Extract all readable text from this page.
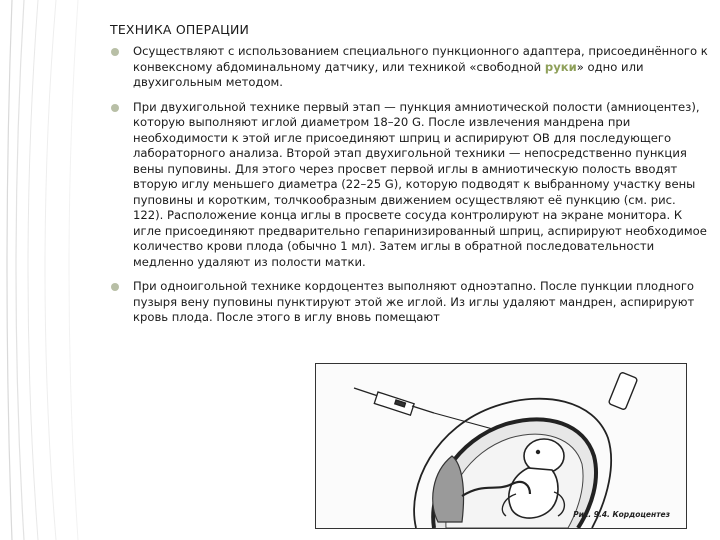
ТЕХНИКА ОПЕРАЦИИ
Осуществляют с использованием специального пункционного адаптера, присоединённого к конвексному абдоминальному датчику, или техникой «свободной руки» одно или двухигольным методом.
При двухигольной технике первый этап — пункция амниотической полости (амниоцентез), которую выполняют иглой диаметром 18–20 G. После извлечения мандрена при необходимости к этой игле присоединяют шприц и аспирируют ОВ для последующего лабораторного анализа. Второй этап двухигольной техники — непосредственно пункция вены пуповины. Для этого через просвет первой иглы в амниотическую полость вводят вторую иглу меньшего диаметра (22–25 G), которую подводят к выбранному участку вены пуповины и коротким, толчкообразным движением осуществляют её пункцию (см. рис. 122). Расположение конца иглы в просвете сосуда контролируют на экране монитора. К игле присоединяют предварительно гепаринизированный шприц, аспирируют необходимое количество крови плода (обычно 1 мл). Затем иглы в обратной последовательности медленно удаляют из полости матки.
При одноигольной технике кордоцентез выполняют одноэтапно. После пункции плодного пузыря вену пуповины пунктируют этой же иглой. Из иглы удаляют мандрен, аспирируют кровь плода. После этого в иглу вновь помещают
Рис. 9.4. Кордоцентез
